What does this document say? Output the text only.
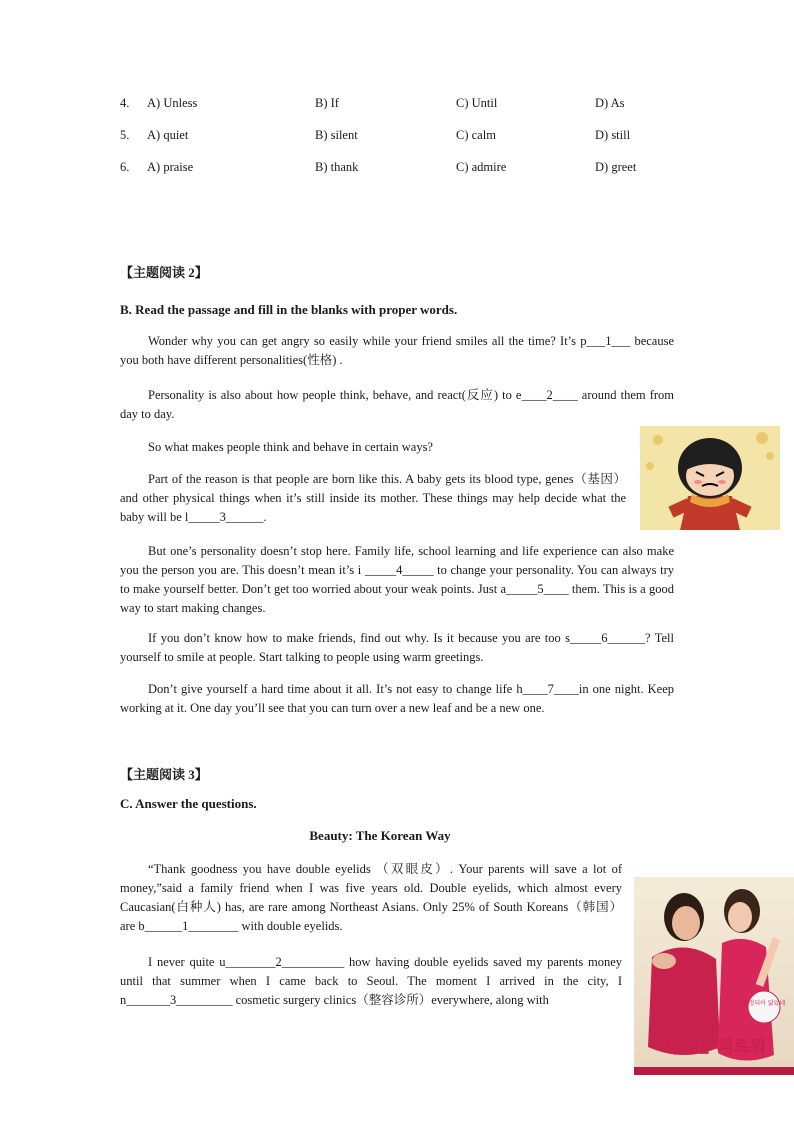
4. A) Unless	B) If	C) Until	D) As
5. A) quiet	B) silent	C) calm	D) still
6. A) praise	B) thank	C) admire	D) greet
【主题阅读 2】
B. Read the passage and fill in the blanks with proper words.

Wonder why you can get angry so easily while your friend smiles all the time? It’s p___1___ because you both have different personalities(性格) .

Personality is also about how people think, behave, and react(反应) to e____2____ around them from day to day.

So what makes people think and behave in certain ways?

Part of the reason is that people are born like this. A baby gets its blood type, genes（基因）and other physical things when it’s still inside its mother. These things may help decide what the baby will be l_____3______.

But one’s personality doesn’t stop here. Family life, school learning and life experience can also make you the person you are. This doesn’t mean it’s i _____4_____ to change your personality. You can always try to make yourself better. Don’t get too worried about your weak points. Just a_____5____ them. This is a good way to start making changes.

If you don’t know how to make friends, find out why. Is it because you are too s_____6______? Tell yourself to smile at people. Start talking to people using warm greetings.

Don’t give yourself a hard time about it all. It’s not easy to change life h____7____in one night. Keep working at it. One day you’ll see that you can turn over a new leaf and be a new one.

【主题阅读 3】
C. Answer the questions.
Beauty: The Korean Way

“Thank goodness you have double eyelids （双眼皮）. Your parents will save a lot of money,”said a family friend when I was five years old. Double eyelids, which almost every Caucasian(白种人) has, are rare among Northeast Asians. Only 25% of South Koreans（韩国） are b______1________ with double eyelids.

I never quite u________2__________ how having double eyelids saved my parents money until that summer when I came back to Seoul. The moment I arrived in the city, I n_______3_________ cosmetic surgery clinics（整容诊所）everywhere, along with	수정되어 닳았네
미녀는 괴로워
